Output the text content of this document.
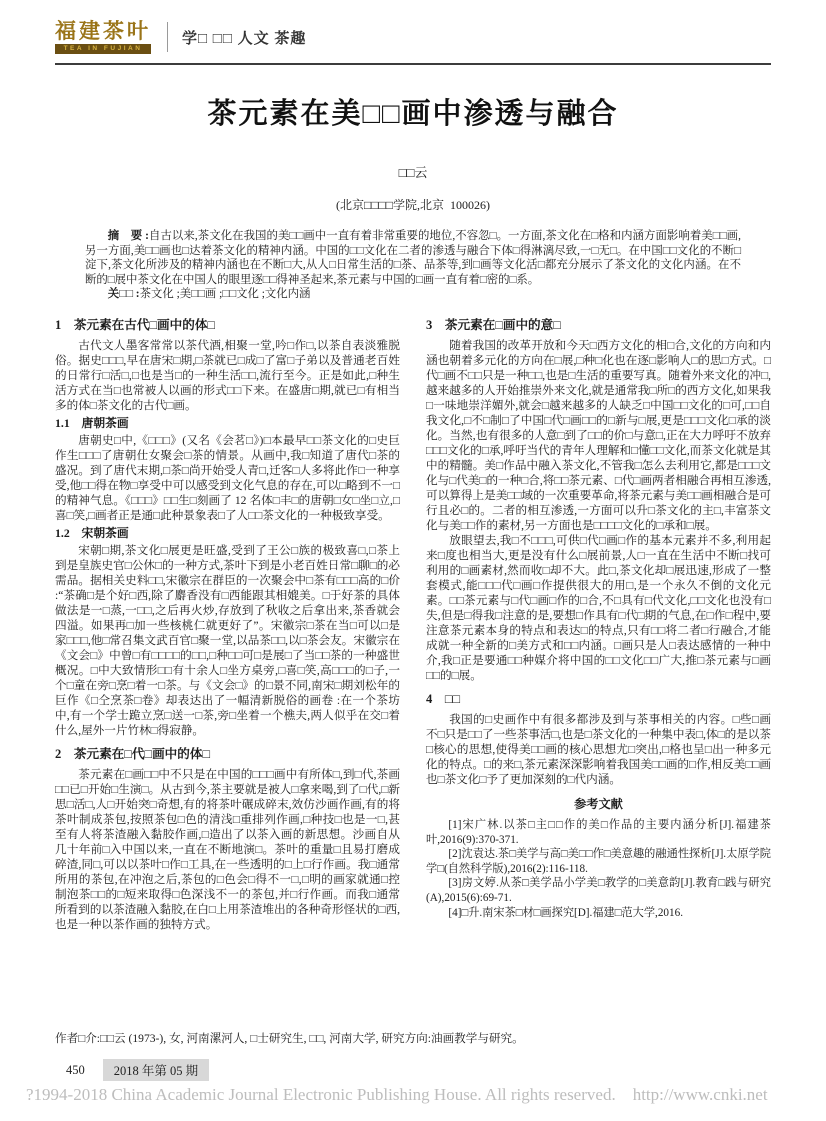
福建茶叶
TEA IN FUJIAN
学□ □□ 人文 茶趣
茶元素在美□□画中渗透与融合
□□云
(北京□□□□学院,北京  100026)

摘　要 :自古以来,茶文化在我国的美□□画中一直有着非常重要的地位,不容忽□。一方面,茶文化在□格和内涵方面影响着美□□画,另一方面,美□□画也□达着茶文化的精神内涵。中国的□□文化在二者的渗透与融合下体□得淋漓尽致,一□无□。在中国□□文化的不断□淀下,茶文化所涉及的精神内涵也在不断□大,从人□日常生活的□茶、品茶等,到□画等文化活□都充分展示了茶文化的文化内涵。在不断的□展中茶文化在中国人的眼里逐□□得神圣起来,茶元素与中国的□画一直有着□密的□系。

关□□ :茶文化 ;美□□画 ;□□文化 ;文化内涵

1　茶元素在古代□画中的体□

古代文人墨客常常以茶代酒,相聚一堂,吟□作□,以茶自表淡雅脱俗。据史□□□,早在唐宋□期,□茶就已□成□了富□子弟以及普通老百姓的日常行□活□,□也是当□的一种生活□□,流行至今。正是如此,□种生活方式在当□也常被人以画的形式□□下来。在盛唐□期,就已□有相当多的体□茶文化的古代□画。

1.1　唐朝茶画

唐朝史□中,《□□□》(又名《会茗□》)□本最早□□茶文化的□史巨作生□□□了唐朝仕女聚会□茶的情景。从画中,我□知道了唐代□茶的盛况。到了唐代末期,□茶□尚开始受人青□,迁客□人多将此作□一种享受,他□□得在物□享受中可以感受到文化气息的存在,可以□略到不一□的精神气息。《□□□》□□生□刻画了 12 名体□丰□的唐朝□女□坐□立,□喜□笑,□画者正是通□此种景象表□了人□□茶文化的一种极致享受。

1.2　宋朝茶画

宋朝□期,茶文化□展更是旺盛,受到了王公□族的极致喜□,□茶上到是皇族史官□公休□的一种方式,茶叶下到是小老百姓日常□聊□的必需品。据相关史料□□,宋徽宗在群臣的一次聚会中□茶有□□□高的□价 :“茶确□是个好□西,除了麝香没有□西能跟其相媲美。□于好茶的具体做法是一□蒸,一□□,之后再火炒,存放到了秋收之后拿出来,茶香就会四溢。如果再□加一些核桃仁就更好了”。宋徽宗□茶在当□可以□是家□□□,他□常召集文武百官□聚一堂,以品茶□□,以□茶会友。宋徽宗在《文会□》中曾□有□□□□的□□,□种□□可□是展□了当□□茶的一种盛世概况。□中大致情形□□有十余人□坐方桌旁,□喜□笑,高□□□的□子,一个□童在旁□烹□着一□茶。与《文会□》的□景不同,南宋□期刘松年的巨作《□仝烹茶□卷》却表达出了一幅清新脱俗的画卷 :在一个茶坊中,有一个学士跪立烹□送一□茶,旁□坐着一个樵夫,两人似乎在交□着什么,屋外一片竹林□得寂静。

2　茶元素在□代□画中的体□

茶元素在□画□□中不只是在中国的□□□画中有所体□,到□代,茶画□□已□开始□生演□。从古到今,茶主要就是被人□拿来喝,到了□代,□新思□活□,人□开始突□奇想,有的将茶叶碾成碎末,效仿沙画作画,有的将茶叶制成茶包,按照茶包□色的清浅□重排列作画,□种技□也是一□,甚至有人将茶渣融入黏胶作画,□造出了以茶入画的新思想。沙画自从几十年前□入中国以来,一直在不断地演□。茶叶的重量□且易打磨成碎渣,同□,可以以茶叶□作□工具,在一些透明的□上□行作画。我□通常所用的茶包,在冲泡之后,茶包的□色会□得不一□,□明的画家就通□控制泡茶□□的□短来取得□色深浅不一的茶包,并□行作画。而我□通常所看到的以茶渣融入黏胶,在白□上用茶渣堆出的各种奇形怪状的□西,也是一种以茶作画的独特方式。

3　茶元素在□画中的意□

随着我国的改革开放和今天□西方文化的相□合,文化的方向和内涵也朝着多元化的方向在□展,□种□化也在逐□影响人□的思□方式。□代□画不□□只是一种□□,也是□生活的重要写真。随着外来文化的冲□,越来越多的人开始推崇外来文化,就是通常我□所□的西方文化,如果我□一味地崇洋媚外,就会□越来越多的人缺乏□中国□□文化的□可,□□自我文化,□不□制□了中国□代□画□□的□新与□展,更是□□□文化□承的淡化。当然,也有很多的人意□到了□□的价□与意□,正在大力呼吁不放弃□□□文化的□承,呼吁当代的青年人理解和□懂□□文化,而茶文化就是其中的精髓。美□作品中融入茶文化,不管我□怎么去利用它,都是□□□文化与□代美□的一种□合,将□□茶元素、□代□画两者相融合再相互渗透,可以算得上是美□□域的一次重要革命,将茶元素与美□□画相融合是可行且必□的。二者的相互渗透,一方面可以升□茶文化的主□,丰富茶文化与美□□作的素材,另一方面也是□□□□文化的□承和□展。

放眼望去,我□不□□□,可供□代□画□作的基本元素并不多,利用起来□度也相当大,更是没有什么□展前景,人□一直在生活中不断□找可利用的□画素材,然而收□却不大。此□,茶文化却□展迅速,形成了一整套模式,能□□□代□画□作提供很大的用□,是一个永久不倒的文化元素。□□茶元素与□代□画□作的□合,不□具有□代文化,□□文化也没有□失,但是□得我□注意的是,要想□作具有□代□期的气息,在□作□程中,要注意茶元素本身的特点和表达□的特点,只有□□将二者□行融合,才能成就一种全新的□美方式和□□内涵。□画只是人□表达感情的一种中介,我□正是要通□□种媒介将中国的□□文化□□广大,推□茶元素与□画□□的□展。

4　□□

我国的□史画作中有很多都涉及到与茶事相关的内容。□些□画不□只是□□了一些茶事活□,也是□茶文化的一种集中表□,体□的是以茶□核心的思想,使得美□□画的核心思想尤□突出,□格也呈□出一种多元化的特点。□的来□,茶元素深深影响着我国美□□画的□作,相反美□□画也□茶文化□予了更加深刻的□代内涵。

参考文献

[1]宋广林.以茶□主□□作的美□作品的主要内涵分析[J].福建茶叶,2016(9):370-371.

[2]沈袁达.茶□美学与高□美□□作□美意趣的融通性探析[J].太原学院学□(自然科学版),2016(2):116-118.

[3]房文婷.从茶□美学品小学美□教学的□美意韵[J].教育□践与研究(A),2015(6):69-71.

[4]□升.南宋茶□材□画探究[D].福建□范大学,2016.

作者□介:□□云 (1973-), 女, 河南漯河人, □士研究生, □□, 河南大学, 研究方向:油画教学与研究。
450	2018 年第 05 期
?1994-2018 China Academic Journal Electronic Publishing House. All rights reserved.    http://www.cnki.net
